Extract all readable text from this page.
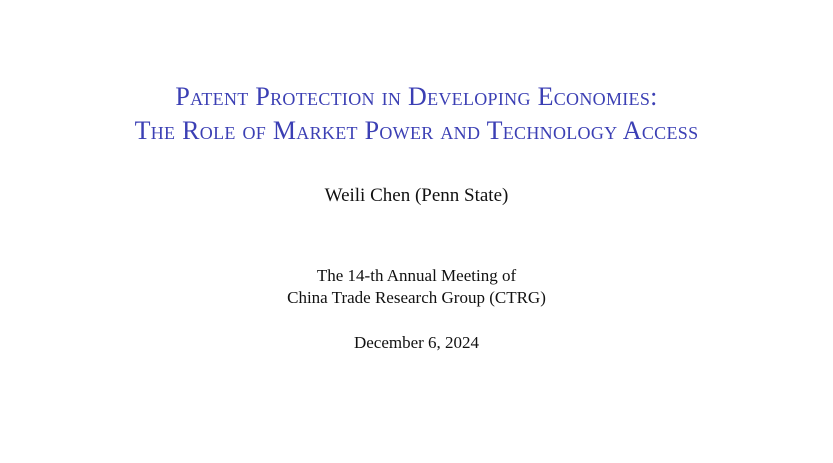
Patent Protection in Developing Economies:
The Role of Market Power and Technology Access
Weili Chen (Penn State)
The 14-th Annual Meeting of
China Trade Research Group (CTRG)
December 6, 2024
